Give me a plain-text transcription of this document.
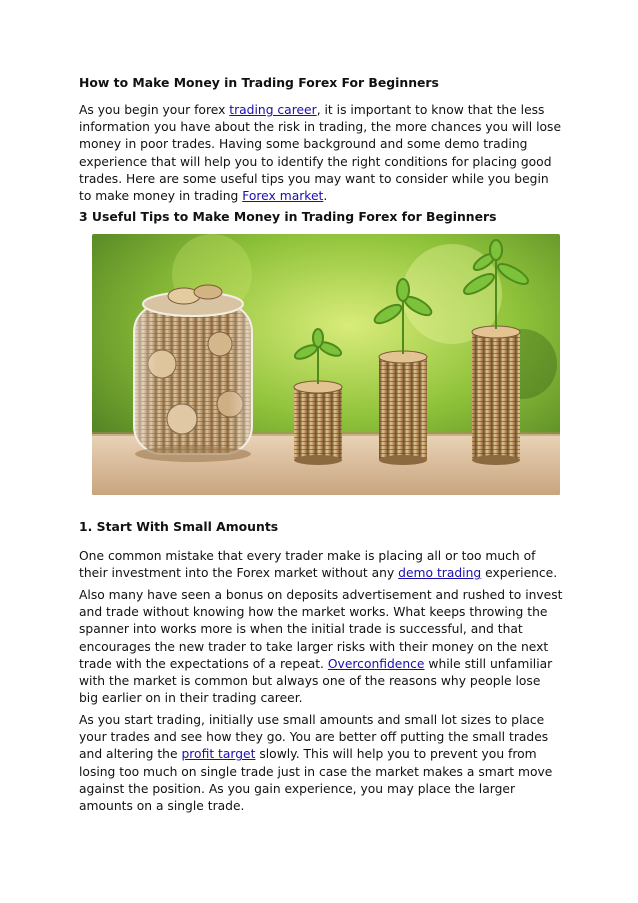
How to Make Money in Trading Forex For Beginners

As you begin your forex trading career, it is important to know that the less information you have about the risk in trading, the more chances you will lose money in poor trades. Having some background and some demo trading experience that will help you to identify the right conditions for placing good trades. Here are some useful tips you may want to consider while you begin to make money in trading Forex market.

3 Useful Tips to Make Money in Trading Forex for Beginners
1. Start With Small Amounts

One common mistake that every trader make is placing all or too much of their investment into the Forex market without any demo trading experience.

Also many have seen a bonus on deposits advertisement and rushed to invest and trade without knowing how the market works. What keeps throwing the spanner into works more is when the initial trade is successful, and that encourages the new trader to take larger risks with their money on the next trade with the expectations of a repeat. Overconfidence while still unfamiliar with the market is common but always one of the reasons why people lose big earlier on in their trading career.

As you start trading, initially use small amounts and small lot sizes to place your trades and see how they go. You are better off putting the small trades and altering the profit target slowly. This will help you to prevent you from losing too much on single trade just in case the market makes a smart move against the position. As you gain experience, you may place the larger amounts on a single trade.
